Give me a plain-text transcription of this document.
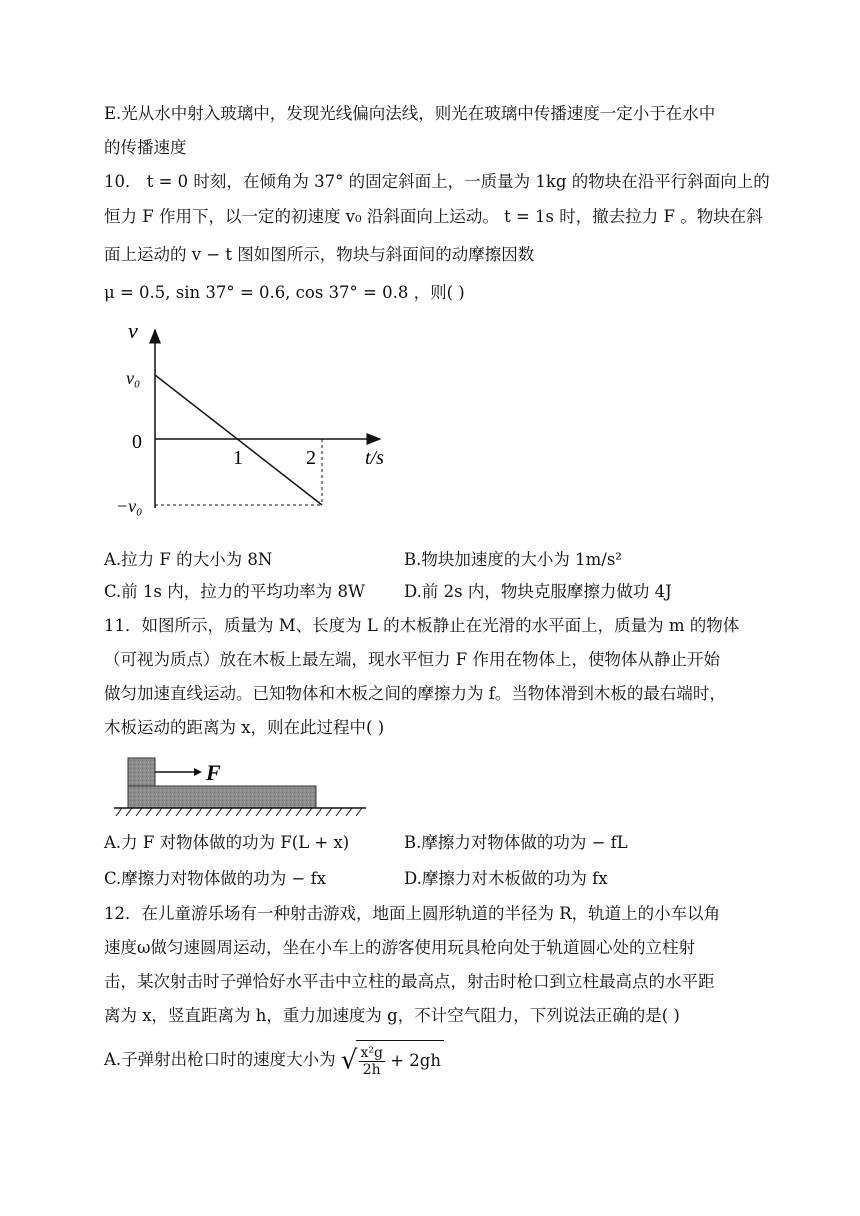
E.光从水中射入玻璃中，发现光线偏向法线，则光在玻璃中传播速度一定小于在水中
的传播速度
10． t = 0 时刻，在倾角为 37° 的固定斜面上，一质量为 1kg 的物块在沿平行斜面向上的
恒力 F 作用下，以一定的初速度 v₀ 沿斜面向上运动。 t = 1s 时，撤去拉力 F 。物块在斜
面上运动的 v − t 图如图所示，物块与斜面间的动摩擦因数
μ = 0.5, sin 37° = 0.6, cos 37° = 0.8 ，则( )
v
v₀
0
−v₀
1	2 t/s
A.拉力 F 的大小为 8N	B.物块加速度的大小为 1m/s²
C.前 1s 内，拉力的平均功率为 8W D.前 2s 内，物块克服摩擦力做功 4J
11．如图所示，质量为 M、长度为 L 的木板静止在光滑的水平面上，质量为 m 的物体
（可视为质点）放在木板上最左端，现水平恒力 F 作用在物体上，使物体从静止开始
做匀加速直线运动。已知物体和木板之间的摩擦力为 f。当物体滑到木板的最右端时，
木板运动的距离为 x，则在此过程中( )
F
A.力 F 对物体做的功为 F(L + x)	B.摩擦力对物体做的功为 − fL
C.摩擦力对物体做的功为 − fx	D.摩擦力对木板做的功为 fx
12．在儿童游乐场有一种射击游戏，地面上圆形轨道的半径为 R，轨道上的小车以角
速度ω做匀速圆周运动，坐在小车上的游客使用玩具枪向处于轨道圆心处的立柱射
击，某次射击时子弹恰好水平击中立柱的最高点，射击时枪口到立柱最高点的水平距
离为 x，竖直距离为 h，重力加速度为 g，不计空气阻力，下列说法正确的是( )
A.子弹射出枪口时的速度大小为 √ $\frac{\text{x²g}}{2h} + 2gh$
